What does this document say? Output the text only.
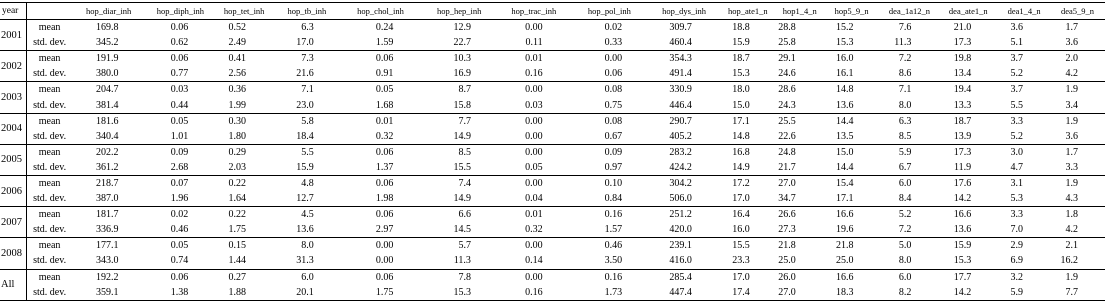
year		hop_diar_inh	hop_diph_inh	hop_tet_inh	hop_tb_inh	hop_chol_inh	hop_hep_inh	hop_trac_inh	hop_pol_inh	hop_dys_inh	hop_ate1_n	hop1_4_n	hop5_9_n	dea_1a12_n	dea_ate1_n	dea1_4_n	dea5_9_n
2001	mean	169.8	0.06	0.52	6.3	0.24	12.9	0.00	0.02	309.7	18.8	28.8	15.2	7.6	21.0	3.6	1.7
	std. dev.	345.2	0.62	2.49	17.0	1.59	22.7	0.11	0.33	460.4	15.9	25.8	15.3	11.3	17.3	5.1	3.6
2002	mean	191.9	0.06	0.41	7.3	0.06	10.3	0.01	0.00	354.3	18.7	29.1	16.0	7.2	19.8	3.7	2.0
	std. dev.	380.0	0.77	2.56	21.6	0.91	16.9	0.16	0.06	491.4	15.3	24.6	16.1	8.6	13.4	5.2	4.2
2003	mean	204.7	0.03	0.36	7.1	0.05	8.7	0.00	0.08	330.9	18.0	28.6	14.8	7.1	19.4	3.7	1.9
	std. dev.	381.4	0.44	1.99	23.0	1.68	15.8	0.03	0.75	446.4	15.0	24.3	13.6	8.0	13.3	5.5	3.4
2004	mean	181.6	0.05	0.30	5.8	0.01	7.7	0.00	0.08	290.7	17.1	25.5	14.4	6.3	18.7	3.3	1.9
	std. dev.	340.4	1.01	1.80	18.4	0.32	14.9	0.00	0.67	405.2	14.8	22.6	13.5	8.5	13.9	5.2	3.6
2005	mean	202.2	0.09	0.29	5.5	0.06	8.5	0.00	0.09	283.2	16.8	24.8	15.0	5.9	17.3	3.0	1.7
	std. dev.	361.2	2.68	2.03	15.9	1.37	15.5	0.05	0.97	424.2	14.9	21.7	14.4	6.7	11.9	4.7	3.3
2006	mean	218.7	0.07	0.22	4.8	0.06	7.4	0.00	0.10	304.2	17.2	27.0	15.4	6.0	17.6	3.1	1.9
	std. dev.	387.0	1.96	1.64	12.7	1.98	14.9	0.04	0.84	506.0	17.0	34.7	17.1	8.4	14.2	5.3	4.3
2007	mean	181.7	0.02	0.22	4.5	0.06	6.6	0.01	0.16	251.2	16.4	26.6	16.6	5.2	16.6	3.3	1.8
	std. dev.	336.9	0.46	1.75	13.6	2.97	14.5	0.32	1.57	420.0	16.0	27.3	19.6	7.2	13.6	7.0	4.2
2008	mean	177.1	0.05	0.15	8.0	0.00	5.7	0.00	0.46	239.1	15.5	21.8	21.8	5.0	15.9	2.9	2.1
	std. dev.	343.0	0.74	1.44	31.3	0.00	11.3	0.14	3.50	416.0	23.3	25.0	25.0	8.0	15.3	6.9	16.2
All	mean	192.2	0.06	0.27	6.0	0.06	7.8	0.00	0.16	285.4	17.0	26.0	16.6	6.0	17.7	3.2	1.9
	std. dev.	359.1	1.38	1.88	20.1	1.75	15.3	0.16	1.73	447.4	17.4	27.0	18.3	8.2	14.2	5.9	7.7
